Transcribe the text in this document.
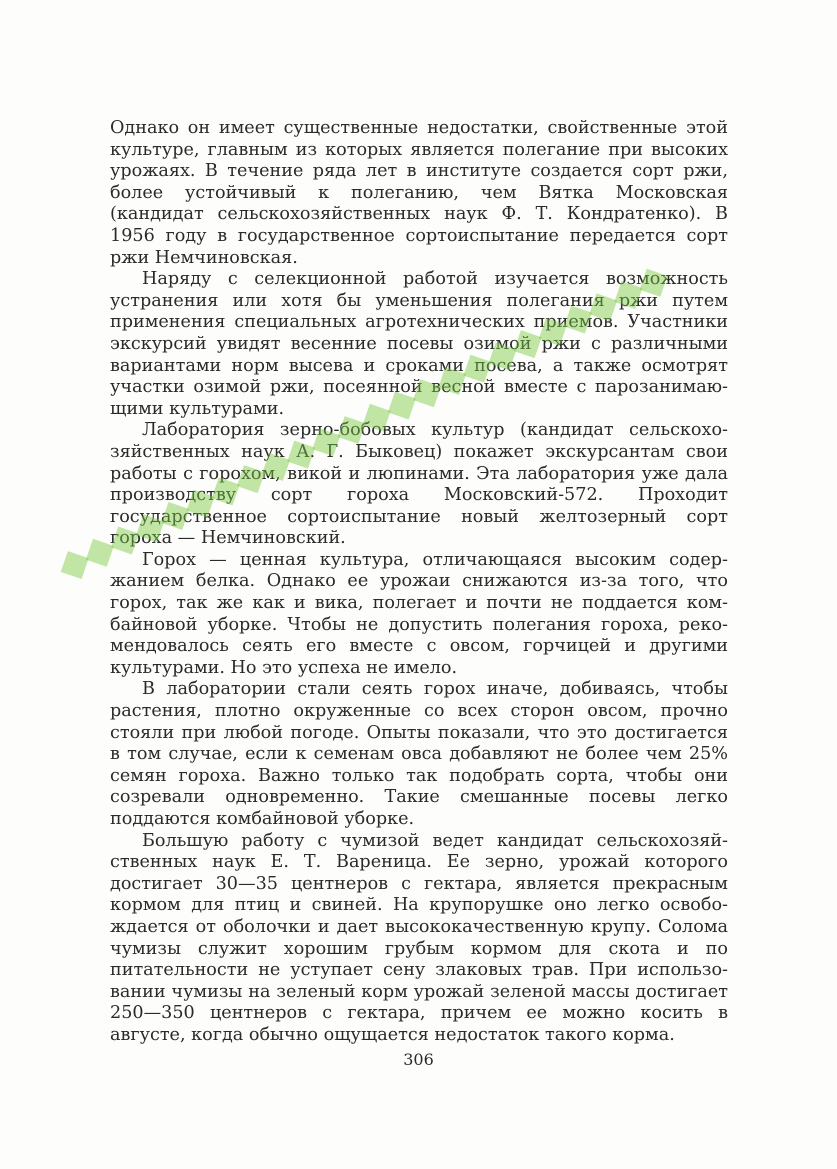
Однако он имеет существенные недостатки, свойственные этой культуре, главным из которых является полегание при высоких урожаях. В течение ряда лет в институте создается сорт ржи, более устойчивый к полеганию, чем Вятка Московская (кандидат сельскохозяйственных наук Ф. Т. Кондратенко). В 1956 году в государственное сортоиспытание передается сорт ржи Немчиновская.

Наряду с селекционной работой изучается возможность устранения или хотя бы уменьшения полегания ржи путем применения специальных агротехнических приемов. Участники экскурсий увидят весенние посевы озимой ржи с различными вариантами норм высева и сроками посева, а также осмотрят участки озимой ржи, посеянной весной вместе с парозанимающими культурами.

Лаборатория зерно-бобовых культур (кандидат сельскохозяйственных наук А. Г. Быковец) покажет экскурсантам свои работы с горохом, викой и люпинами. Эта лаборатория уже дала производству сорт гороха Московский-572. Проходит государственное сортоиспытание новый желтозерный сорт гороха — Немчиновский.

Горох — ценная культура, отличающаяся высоким содержанием белка. Однако ее урожаи снижаются из-за того, что горох, так же как и вика, полегает и почти не поддается комбайновой уборке. Чтобы не допустить полегания гороха, рекомендовалось сеять его вместе с овсом, горчицей и другими культурами. Но это успеха не имело.

В лаборатории стали сеять горох иначе, добиваясь, чтобы растения, плотно окруженные со всех сторон овсом, прочно стояли при любой погоде. Опыты показали, что это достигается в том случае, если к семенам овса добавляют не более чем 25% семян гороха. Важно только так подобрать сорта, чтобы они созревали одновременно. Такие смешанные посевы легко поддаются комбайновой уборке.

Большую работу с чумизой ведет кандидат сельскохозяйственных наук Е. Т. Вареница. Ее зерно, урожай которого достигает 30—35 центнеров с гектара, является прекрасным кормом для птиц и свиней. На крупорушке оно легко освобождается от оболочки и дает высококачественную крупу. Солома чумизы служит хорошим грубым кормом для скота и по питательности не уступает сену злаковых трав. При использовании чумизы на зеленый корм урожай зеленой массы достигает 250—350 центнеров с гектара, причем ее можно косить в августе, когда обычно ощущается недостаток такого корма.

306
